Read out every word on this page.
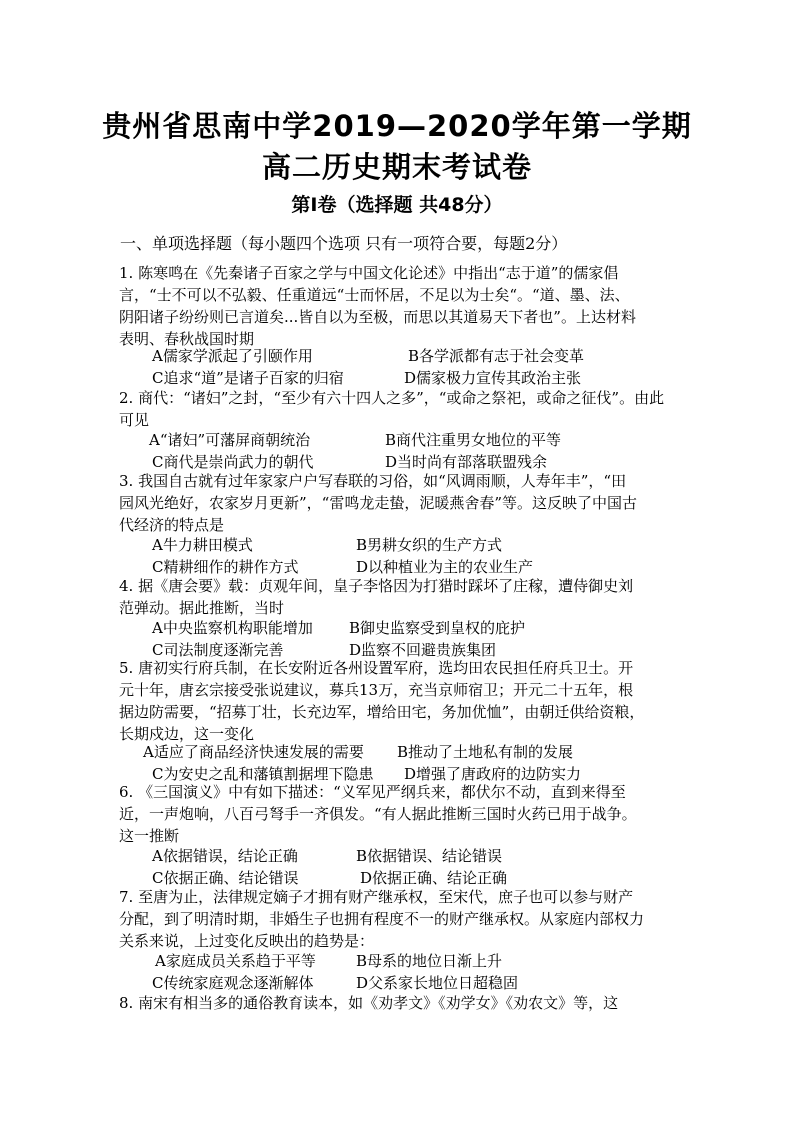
贵州省思南中学2019—2020学年第一学期
高二历史期末考试卷
第Ⅰ卷（选择题 共48分）
一、单项选择题（每小题四个选项 只有一项符合要，每题2分）
1. 陈寒鸣在《先秦诸子百家之学与中国文化论述》中指出“志于道”的儒家倡
言，“士不可以不弘毅、任重道远“士而怀居，不足以为士矣“。“道、墨、法、
阴阳诸子纷纷则已言道矣...皆自以为至极，而思以其道易天下者也”。上达材料
表明、春秋战国时期
A儒家学派起了引颐作用	B各学派都有志于社会变革
C追求“道”是诸子百家的归宿	D儒家极力宣传其政治主张
2. 商代：“诸妇”之封，“至少有六十四人之多”，“或命之祭祀，或命之征伐”。由此
可见
A“诸妇”可藩屏商朝统治	B商代注重男女地位的平等
C商代是崇尚武力的朝代	D当时尚有部落联盟残余
3. 我国自古就有过年家家户户写春联的习俗，如“风调雨顺，人寿年丰”，“田
园风光绝好，农家岁月更新”，“雷鸣龙走蛰，泥暖燕舍春”等。这反映了中国古
代经济的特点是
A牛力耕田模式	B男耕女织的生产方式
C精耕细作的耕作方式	D以种植业为主的农业生产
4. 据《唐会要》载：贞观年间，皇子李恪因为打猎时踩坏了庄稼，遭侍御史刘
范弹动。据此推断，当时
A中央监察机构职能增加 B御史监察受到皇权的庇护
C司法制度逐渐完善	D监察不回避贵族集团
5. 唐初实行府兵制，在长安附近各州设置军府，选均田农民担任府兵卫士。开
元十年，唐玄宗接受张说建议，募兵13万，充当京师宿卫；开元二十五年，根
据边防需要，“招募丁壮，长充边军，增给田宅，务加优恤”，由朝迁供给资粮，
长期戍边，这一变化
A适应了商品经济快速发展的需要 B推动了土地私有制的发展
C为安史之乱和藩镇割据埋下隐患 D增强了唐政府的边防实力
6. 《三国演义》中有如下描述：“义军见严纲兵来，都伏尔不动，直到来得至
近，一声炮响，八百弓弩手一齐俱发。“有人据此推断三国时火药已用于战争。
这一推断
A依据错误，结论正确	B依据错误、结论错误
C依据正确、结论错误	D依据正确、结论正确
7. 至唐为止，法律规定嫡子才拥有财产继承权，至宋代，庶子也可以参与财产
分配，到了明清时期，非婚生子也拥有程度不一的财产继承权。从家庭内部权力
关系来说，上过变化反映出的趋势是：
A家庭成员关系趋于平等	B母系的地位日渐上升
C传统家庭观念逐渐解体	D父系家长地位日超稳固
8. 南宋有相当多的通俗教育读本，如《劝孝文》《劝学女》《劝农文》等，这
